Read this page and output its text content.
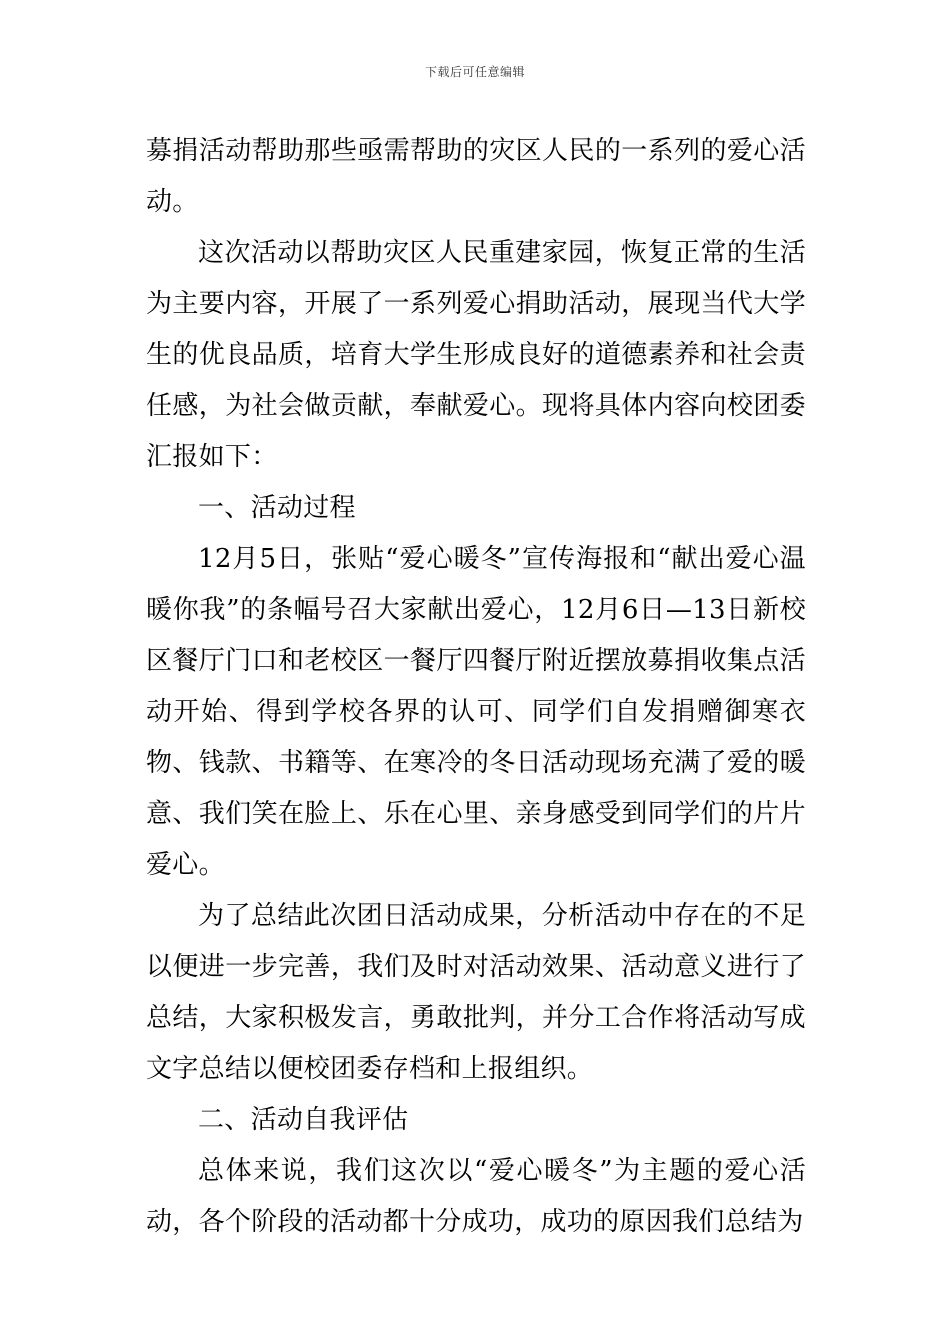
下载后可任意编辑

募捐活动帮助那些亟需帮助的灾区人民的一系列的爱心活动。

这次活动以帮助灾区人民重建家园，恢复正常的生活为主要内容，开展了一系列爱心捐助活动，展现当代大学生的优良品质，培育大学生形成良好的道德素养和社会责任感，为社会做贡献，奉献爱心。现将具体内容向校团委汇报如下：

一、活动过程

12月5日，张贴“爱心暖冬”宣传海报和“献出爱心温暖你我”的条幅号召大家献出爱心，12月6日—13日新校区餐厅门口和老校区一餐厅四餐厅附近摆放募捐收集点活动开始、得到学校各界的认可、同学们自发捐赠御寒衣物、钱款、书籍等、在寒冷的冬日活动现场充满了爱的暖意、我们笑在脸上、乐在心里、亲身感受到同学们的片片爱心。

为了总结此次团日活动成果，分析活动中存在的不足以便进一步完善，我们及时对活动效果、活动意义进行了总结，大家积极发言，勇敢批判，并分工合作将活动写成文字总结以便校团委存档和上报组织。

二、活动自我评估

总体来说，我们这次以“爱心暖冬”为主题的爱心活动，各个阶段的活动都十分成功，成功的原因我们总结为
